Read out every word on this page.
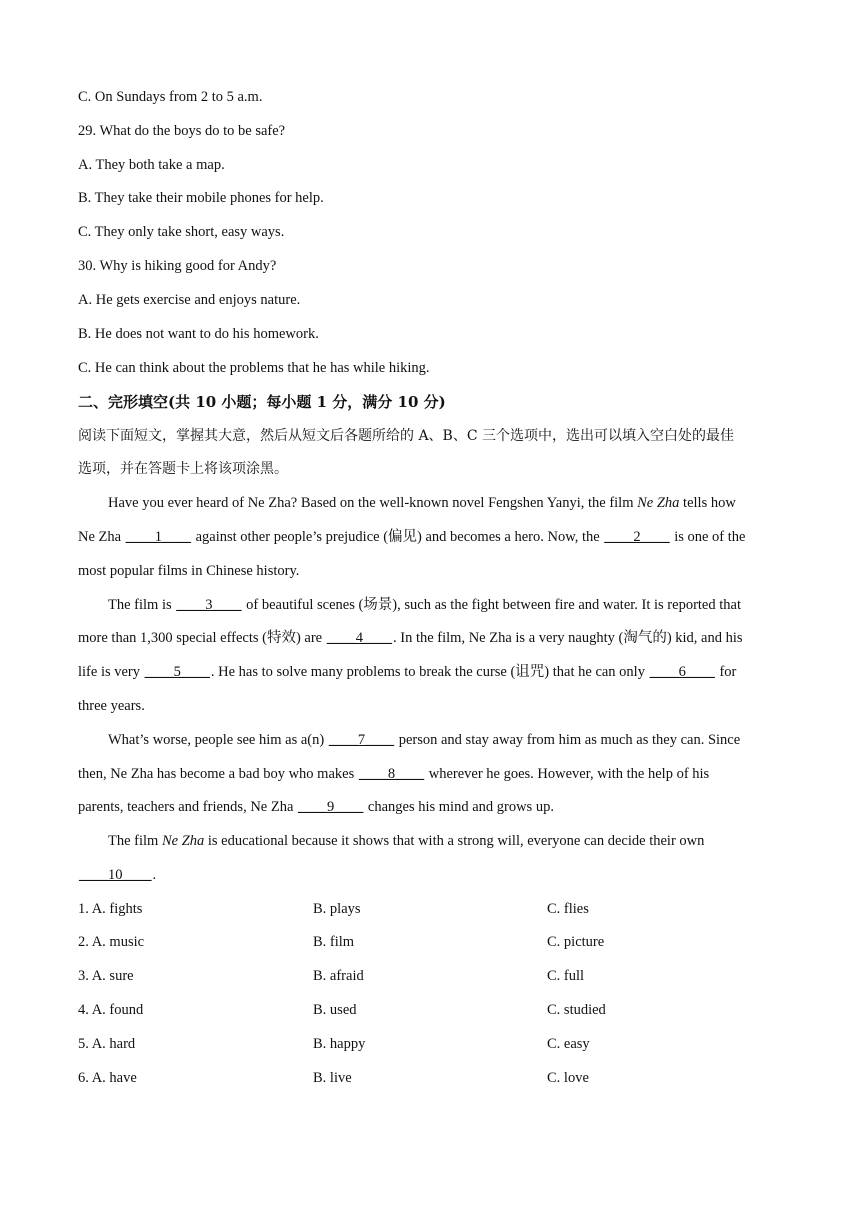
C. On Sundays from 2 to 5 a.m.
29. What do the boys do to be safe?
A. They both take a map.
B. They take their mobile phones for help.
C. They only take short, easy ways.
30. Why is hiking good for Andy?
A. He gets exercise and enjoys nature.
B. He does not want to do his homework.
C. He can think about the problems that he has while hiking.
二、完形填空(共 10 小题；每小题 1 分，满分 10 分)
阅读下面短文，掌握其大意，然后从短文后各题所给的 A、B、C 三个选项中，选出可以填入空白处的最佳
选项，并在答题卡上将该项涂黑。
Have you ever heard of Ne Zha? Based on the well-known novel Fengshen Yanyi, the film Ne Zha tells how
Ne Zha ____1____ against other people’s prejudice (偏见) and becomes a hero. Now, the ____2____ is one of the
most popular films in Chinese history.
The film is ____3____ of beautiful scenes (场景), such as the fight between fire and water. It is reported that
more than 1,300 special effects (特效) are ____4____. In the film, Ne Zha is a very naughty (淘气的) kid, and his
life is very ____5____. He has to solve many problems to break the curse (诅咒) that he can only ____6____ for
three years.
What’s worse, people see him as a(n) ____7____ person and stay away from him as much as they can. Since
then, Ne Zha has become a bad boy who makes ____8____ wherever he goes. However, with the help of his
parents, teachers and friends, Ne Zha ____9____ changes his mind and grows up.
The film Ne Zha is educational because it shows that with a strong will, everyone can decide their own
____10____.
1. A. fights	B. plays	C. flies
2. A. music	B. film	C. picture
3. A. sure	B. afraid	C. full
4. A. found	B. used	C. studied
5. A. hard	B. happy	C. easy
6. A. have	B. live	C. love
